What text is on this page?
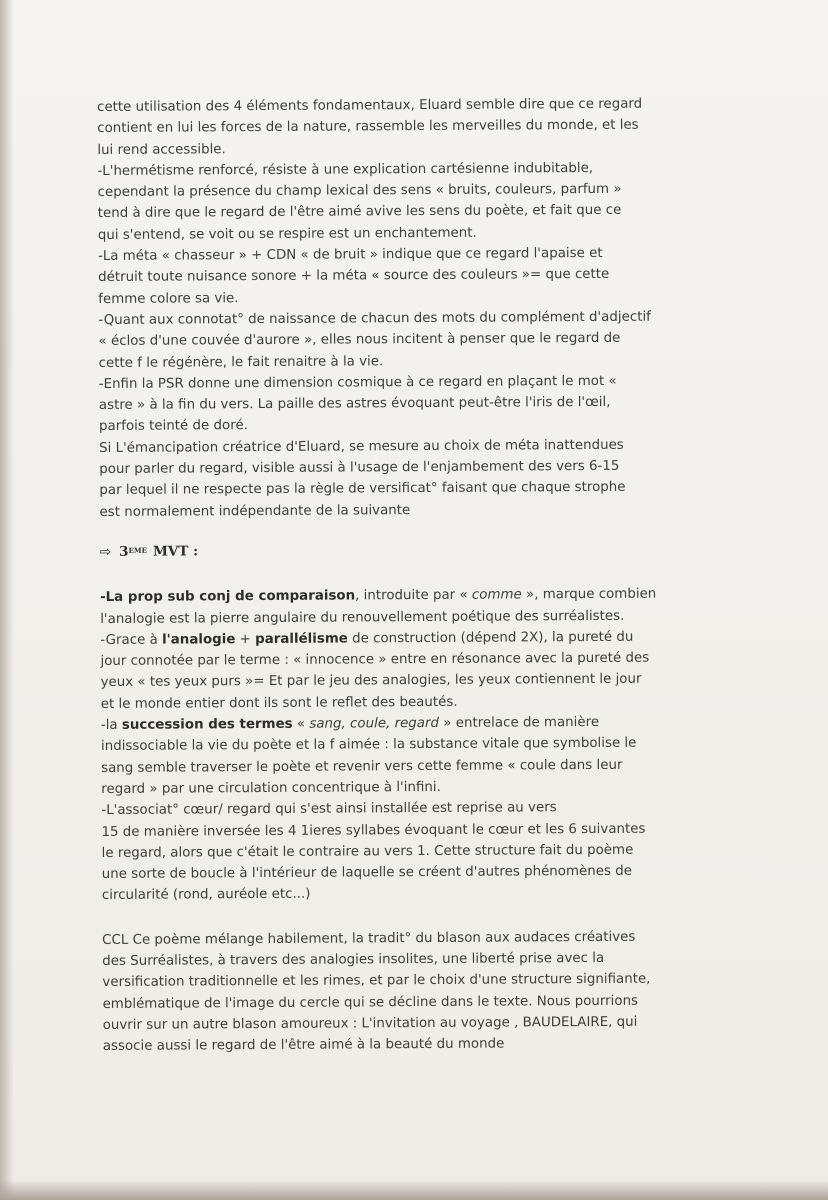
cette utilisation des 4 éléments fondamentaux, Eluard semble dire que ce regard
contient en lui les forces de la nature, rassemble les merveilles du monde, et les
lui rend accessible.
-L'hermétisme renforcé, résiste à une explication cartésienne indubitable,
cependant la présence du champ lexical des sens « bruits, couleurs, parfum »
tend à dire que le regard de l'être aimé avive les sens du poète, et fait que ce
qui s'entend, se voit ou se respire est un enchantement.
-La méta « chasseur » + CDN « de bruit » indique que ce regard l'apaise et
détruit toute nuisance sonore + la méta « source des couleurs »= que cette
femme colore sa vie.
-Quant aux connotat° de naissance de chacun des mots du complément d'adjectif
« éclos d'une couvée d'aurore », elles nous incitent à penser que le regard de
cette f le régénère, le fait renaitre à la vie.
-Enfin la PSR donne une dimension cosmique à ce regard en plaçant le mot «
astre » à la fin du vers. La paille des astres évoquant peut-être l'iris de l'œil,
parfois teinté de doré.
Si L'émancipation créatrice d'Eluard, se mesure au choix de méta inattendues
pour parler du regard, visible aussi à l'usage de l'enjambement des vers 6-15
par lequel il ne respecte pas la règle de versificat° faisant que chaque strophe
est normalement indépendante de la suivante
⇨ 3EME MVT :
-La prop sub conj de comparaison, introduite par « comme », marque combien
l'analogie est la pierre angulaire du renouvellement poétique des surréalistes.
-Grace à l'analogie + parallélisme de construction (dépend 2X), la pureté du
jour connotée par le terme : « innocence » entre en résonance avec la pureté des
yeux « tes yeux purs »= Et par le jeu des analogies, les yeux contiennent le jour
et le monde entier dont ils sont le reflet des beautés.
-la succession des termes « sang, coule, regard » entrelace de manière
indissociable la vie du poète et la f aimée : la substance vitale que symbolise le
sang semble traverser le poète et revenir vers cette femme « coule dans leur
regard » par une circulation concentrique à l'infini.
-L'associat° cœur/ regard qui s'est ainsi installée est reprise au vers
15 de manière inversée les 4 1ieres syllabes évoquant le cœur et les 6 suivantes
le regard, alors que c'était le contraire au vers 1. Cette structure fait du poème
une sorte de boucle à l'intérieur de laquelle se créent d'autres phénomènes de
circularité (rond, auréole etc...)
CCL Ce poème mélange habilement, la tradit° du blason aux audaces créatives
des Surréalistes, à travers des analogies insolites, une liberté prise avec la
versification traditionnelle et les rimes, et par le choix d'une structure signifiante,
emblématique de l'image du cercle qui se décline dans le texte. Nous pourrions
ouvrir sur un autre blason amoureux : L'invitation au voyage , BAUDELAIRE, qui
associe aussi le regard de l'être aimé à la beauté du monde
